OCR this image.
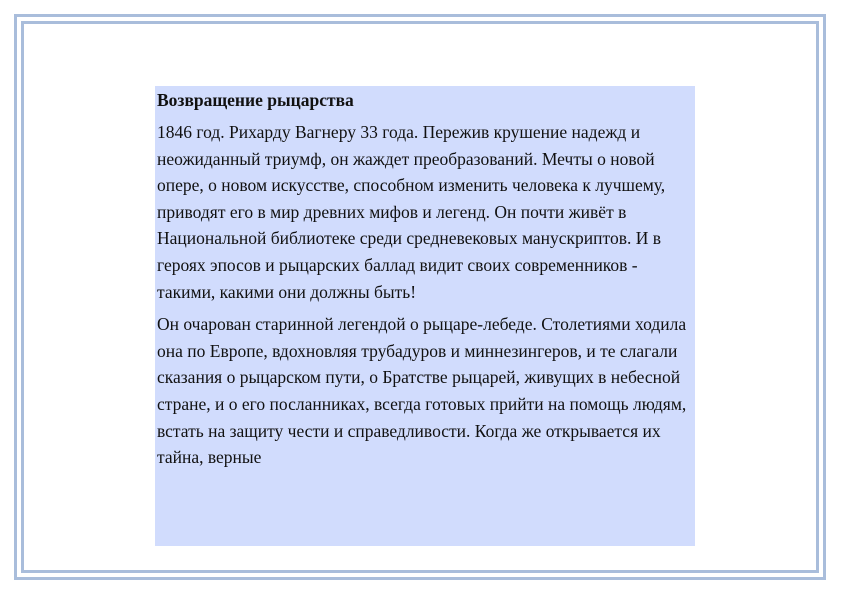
Возвращение рыцарства

1846 год. Рихарду Вагнеру 33 года. Пережив крушение надежд и неожиданный триумф, он жаждет преобразований. Мечты о новой опере, о новом искусстве, способном изменить человека к лучшему, приводят его в мир древних мифов и легенд. Он почти живёт в Национальной библиотеке среди средневековых манускриптов. И в героях эпосов и рыцарских баллад видит своих современников - такими, какими они должны быть!

Он очарован старинной легендой о рыцаре-лебеде. Столетиями ходила она по Европе, вдохновляя трубадуров и миннезингеров, и те слагали сказания о рыцарском пути, о Братстве рыцарей, живущих в небесной стране, и о его посланниках, всегда готовых прийти на помощь людям, встать на защиту чести и справедливости. Когда же открывается их тайна, верные
